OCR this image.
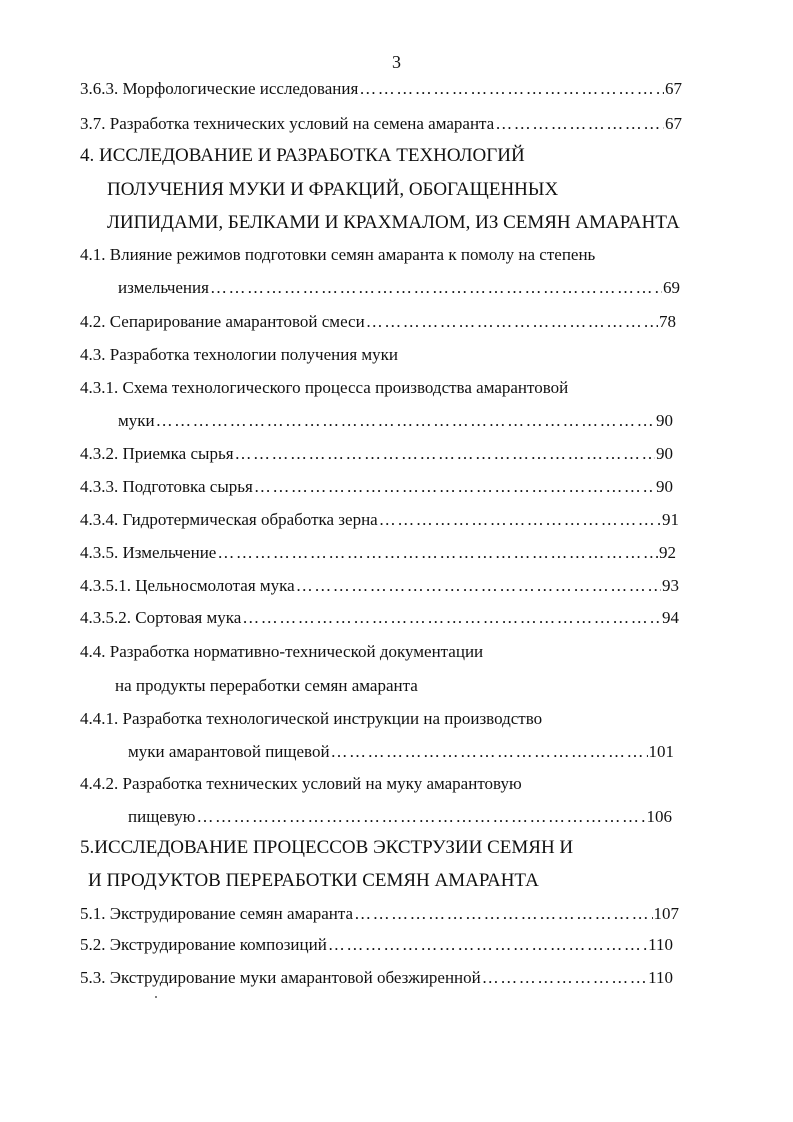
3
3.6.3. Морфологические исследования ……………………………………………………………………………………………………………………………………………………………………	67
3.7. Разработка технических условий на семена амаранта ……………………………………………………………………………………………………………………………………………………………………	67
4. ИССЛЕДОВАНИЕ И РАЗРАБОТКА ТЕХНОЛОГИЙ
ПОЛУЧЕНИЯ МУКИ И ФРАКЦИЙ, ОБОГАЩЕННЫХ
ЛИПИДАМИ, БЕЛКАМИ И КРАХМАЛОМ, ИЗ СЕМЯН АМАРАНТА
4.1. Влияние режимов подготовки семян амаранта к помолу на степень
измельчения ……………………………………………………………………………………………………………………………………………………………………	69
4.2. Сепарирование амарантовой смеси ……………………………………………………………………………………………………………………………………………………………………	78
4.3. Разработка технологии получения муки
4.3.1. Схема технологического процесса производства амарантовой
муки ……………………………………………………………………………………………………………………………………………………………………	90
4.3.2. Приемка сырья ……………………………………………………………………………………………………………………………………………………………………	90
4.3.3. Подготовка сырья ……………………………………………………………………………………………………………………………………………………………………	90
4.3.4. Гидротермическая обработка зерна ……………………………………………………………………………………………………………………………………………………………………	91
4.3.5. Измельчение ……………………………………………………………………………………………………………………………………………………………………	92
4.3.5.1. Цельносмолотая мука ……………………………………………………………………………………………………………………………………………………………………	93
4.3.5.2. Сортовая мука ……………………………………………………………………………………………………………………………………………………………………	94
4.4. Разработка нормативно-технической документации
на продукты переработки семян амаранта
4.4.1. Разработка технологической инструкции на производство
муки амарантовой пищевой ……………………………………………………………………………………………………………………………………………………………………	101
4.4.2. Разработка технических условий на муку амарантовую
пищевую ……………………………………………………………………………………………………………………………………………………………………	106
5.ИССЛЕДОВАНИЕ ПРОЦЕССОВ ЭКСТРУЗИИ СЕМЯН И
И ПРОДУКТОВ ПЕРЕРАБОТКИ СЕМЯН АМАРАНТА
5.1. Экструдирование семян амаранта ……………………………………………………………………………………………………………………………………………………………………	107
5.2. Экструдирование композиций ……………………………………………………………………………………………………………………………………………………………………	110
5.3. Экструдирование муки амарантовой обезжиренной ……………………………………………………………………………………………………………………………………………………………………	110
